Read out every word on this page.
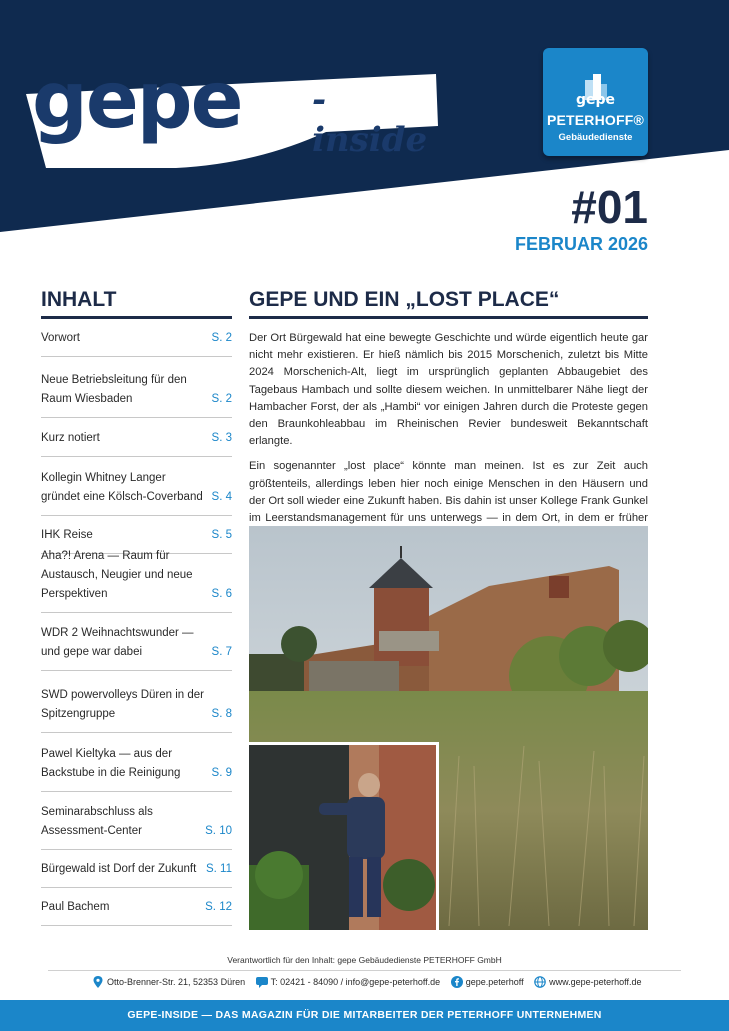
gepe -inside
gepe
PETERHOFF®
Gebäudedienste
#01
FEBRUAR 2026
INHALT
Vorwort	S. 2
Neue Betriebsleitung für den Raum Wiesbaden	S. 2
Kurz notiert	S. 3
Kollegin Whitney Langer gründet eine Kölsch-Coverband S. 4
IHK Reise	S. 5
Aha?! Arena — Raum für Austausch, Neugier und neue Perspektiven	S. 6
WDR 2 Weihnachtswunder — und gepe war dabei	S. 7
SWD powervolleys Düren in der Spitzengruppe	S. 8
Pawel Kieltyka — aus der Backstube in die Reinigung	S. 9
Seminarabschluss als Assessment-Center	S. 10
Bürgewald ist Dorf der Zukunft S. 11
Paul Bachem	S. 12
GEPE UND EIN „LOST PLACE“

Der Ort Bürgewald hat eine bewegte Geschichte und würde eigentlich heute gar nicht mehr existieren. Er hieß nämlich bis 2015 Morschenich, zuletzt bis Mitte 2024 Morschenich-Alt, liegt im ursprünglich geplanten Abbaugebiet des Tagebaus Hambach und sollte diesem weichen. In unmittelbarer Nähe liegt der Hambacher Forst, der als „Hambi“ vor einigen Jahren durch die Proteste gegen den Braunkohleabbau im Rheinischen Revier bundesweit Bekanntschaft erlangte.

Ein sogenannter „lost place“ könnte man meinen. Ist es zur Zeit auch größtenteils, allerdings leben hier noch einige Menschen in den Häusern und der Ort soll wieder eine Zukunft haben. Bis dahin ist unser Kollege Frank Gunkel im Leerstandsmanagement für uns unterwegs — in dem Ort, in dem er früher

Verantwortlich für den Inhalt: gepe Gebäudedienste PETERHOFF GmbH
Otto-Brenner-Str. 21, 52353 Düren
	T: 02421 - 84090 / info@gepe-peterhoff.de
	gepe.peterhoff
	www.gepe-peterhoff.de
GEPE-INSIDE — DAS MAGAZIN FÜR DIE MITARBEITER DER PETERHOFF UNTERNEHMEN
